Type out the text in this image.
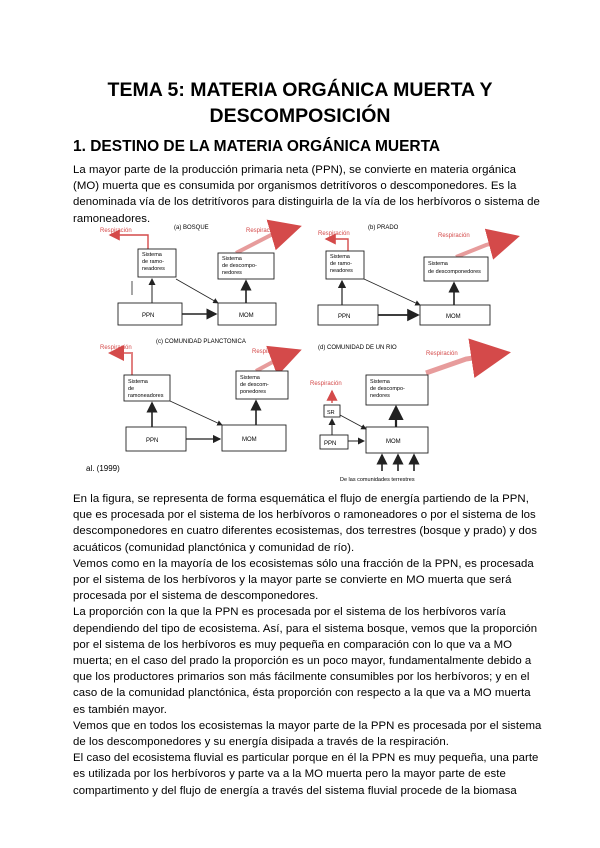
TEMA 5: MATERIA ORGÁNICA MUERTA Y
DESCOMPOSICIÓN
1. DESTINO DE LA MATERIA ORGÁNICA MUERTA
La mayor parte de la producción primaria neta (PPN), se convierte en materia orgánica
(MO) muerta que es consumida por organismos detritívoros o descomponedores. Es la
denominada vía de los detritívoros para distinguirla de la vía de los herbívoros o sistema de
ramoneadores.
(a) BOSQUE
Respiración	Respiración
Sistema
de ramo-
neadores
Sistema
de descompo-
nedores
PPN	MOM
(b) PRADO
Respiración	Respiración
Sistema
de ramo-
neadores
Sistema
de descomponedores
PPN	MOM
(c) COMUNIDAD PLANCTONICA
Respiración
Respiración
Sistema
de
ramoneadores
Sistema
de descom-
ponedores
PPN	MOM
al. (1999)
(d) COMUNIDAD DE UN RIO
Respiración
Respiración
SR
Sistema
de descompo-
nedores
PPN	MOM
De las comunidades terrestres
En la figura, se representa de forma esquemática el flujo de energía partiendo de la PPN,
que es procesada por el sistema de los herbívoros o ramoneadores o por el sistema de los
descomponedores en cuatro diferentes ecosistemas, dos terrestres (bosque y prado) y dos
acuáticos (comunidad planctónica y comunidad de río).
Vemos como en la mayoría de los ecosistemas sólo una fracción de la PPN, es procesada
por el sistema de los herbívoros y la mayor parte se convierte en MO muerta que será
procesada por el sistema de descomponedores.
La proporción con la que la PPN es procesada por el sistema de los herbívoros varía
dependiendo del tipo de ecosistema. Así, para el sistema bosque, vemos que la proporción
por el sistema de los herbívoros es muy pequeña en comparación con lo que va a MO
muerta; en el caso del prado la proporción es un poco mayor, fundamentalmente debido a
que los productores primarios son más fácilmente consumibles por los herbívoros; y en el
caso de la comunidad planctónica, ésta proporción con respecto a la que va a MO muerta
es también mayor.
Vemos que en todos los ecosistemas la mayor parte de la PPN es procesada por el sistema
de los descomponedores y su energía disipada a través de la respiración.
El caso del ecosistema fluvial es particular porque en él la PPN es muy pequeña, una parte
es utilizada por los herbívoros y parte va a la MO muerta pero la mayor parte de este
compartimento y del flujo de energía a través del sistema fluvial procede de la biomasa
